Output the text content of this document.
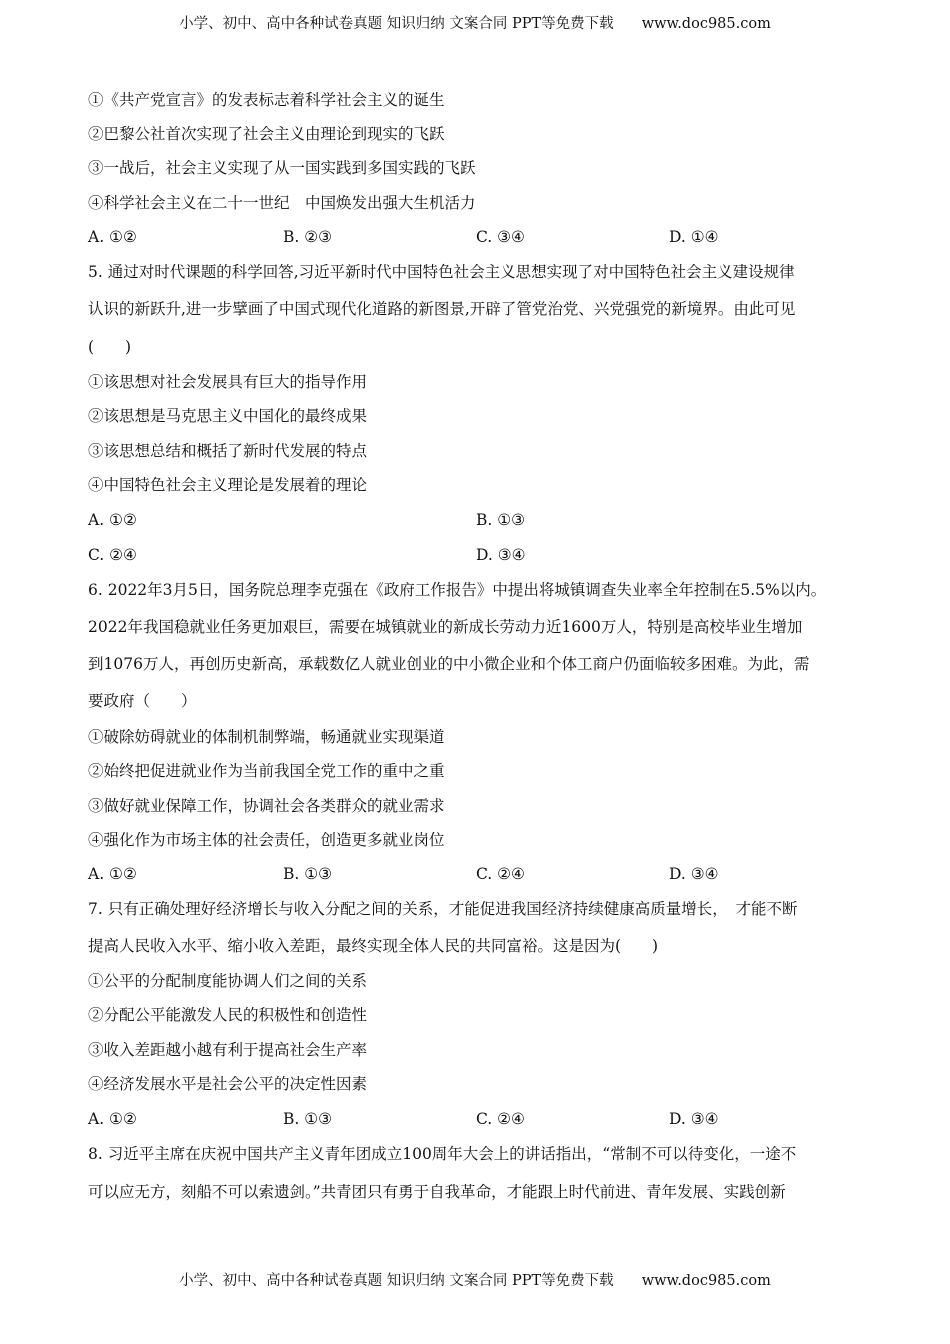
小学、初中、高中各种试卷真题 知识归纳 文案合同 PPT等免费下载 www.doc985.com
①《共产党宣言》的发表标志着科学社会主义的诞生
②巴黎公社首次实现了社会主义由理论到现实的飞跃
③一战后，社会主义实现了从一国实践到多国实践的飞跃
④科学社会主义在二十一世纪　中国焕发出强大生机活力
A. ①②	B. ②③	C. ③④	D. ①④
5. 通过对时代课题的科学回答,习近平新时代中国特色社会主义思想实现了对中国特色社会主义建设规律
认识的新跃升,进一步擘画了中国式现代化道路的新图景,开辟了管党治党、兴党强党的新境界。由此可见
(　　)
①该思想对社会发展具有巨大的指导作用
②该思想是马克思主义中国化的最终成果
③该思想总结和概括了新时代发展的特点
④中国特色社会主义理论是发展着的理论
A. ①②	B. ①③
C. ②④	D. ③④
6. 2022年3月5日，国务院总理李克强在《政府工作报告》中提出将城镇调查失业率全年控制在5.5%以内。
2022年我国稳就业任务更加艰巨，需要在城镇就业的新成长劳动力近1600万人，特别是高校毕业生增加
到1076万人，再创历史新高，承载数亿人就业创业的中小微企业和个体工商户仍面临较多困难。为此，需
要政府（　　）
①破除妨碍就业的体制机制弊端，畅通就业实现渠道
②始终把促进就业作为当前我国全党工作的重中之重
③做好就业保障工作，协调社会各类群众的就业需求
④强化作为市场主体的社会责任，创造更多就业岗位
A. ①②	B. ①③	C. ②④	D. ③④
7. 只有正确处理好经济增长与收入分配之间的关系，才能促进我国经济持续健康高质量增长，　才能不断
提高人民收入水平、缩小收入差距，最终实现全体人民的共同富裕。这是因为(　　)
①公平的分配制度能协调人们之间的关系
②分配公平能激发人民的积极性和创造性
③收入差距越小越有利于提高社会生产率
④经济发展水平是社会公平的决定性因素
A. ①②	B. ①③	C. ②④	D. ③④
8. 习近平主席在庆祝中国共产主义青年团成立100周年大会上的讲话指出，“常制不可以待变化，一途不
可以应无方，刻船不可以索遗剑。”共青团只有勇于自我革命，才能跟上时代前进、青年发展、实践创新
小学、初中、高中各种试卷真题 知识归纳 文案合同 PPT等免费下载 www.doc985.com
